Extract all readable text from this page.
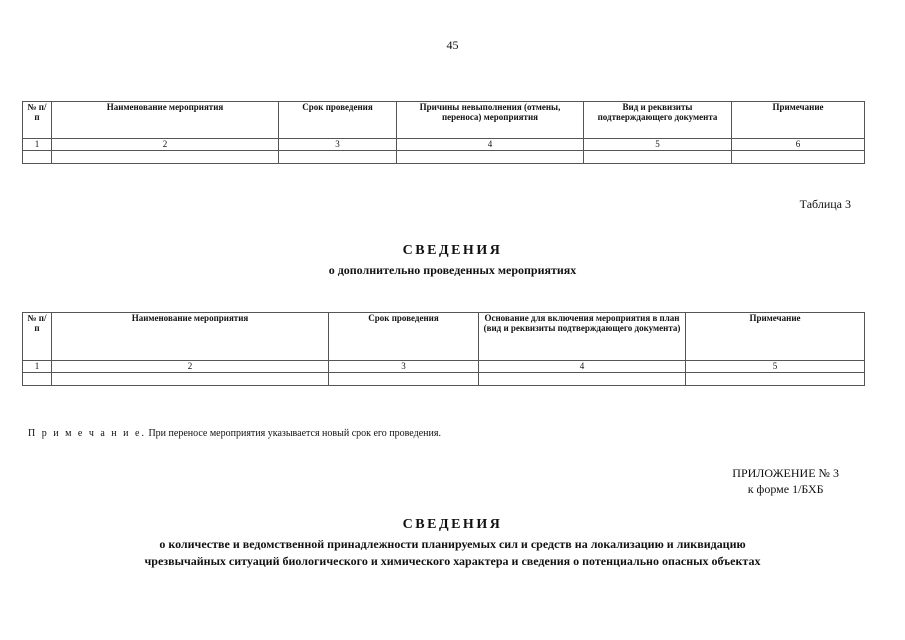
45
№ п/п	Наименование мероприятия	Срок проведения	Причины невыполнения (отмены, переноса) мероприятия	Вид и реквизиты подтверждающего документа	Примечание
1	2	3	4	5	6

Таблица 3
СВЕДЕНИЯ
о дополнительно проведенных мероприятиях
№ п/п	Наименование мероприятия	Срок проведения	Основание для включения мероприятия в план (вид и реквизиты подтверждающего документа)	Примечание
1	2	3	4	5

П р и м е ч а н и е. При переносе мероприятия указывается новый срок его проведения.
ПРИЛОЖЕНИЕ № 3
к форме 1/БХБ
СВЕДЕНИЯ
о количестве и ведомственной принадлежности планируемых сил и средств на локализацию и ликвидацию
чрезвычайных ситуаций биологического и химического характера и сведения о потенциально опасных объектах
